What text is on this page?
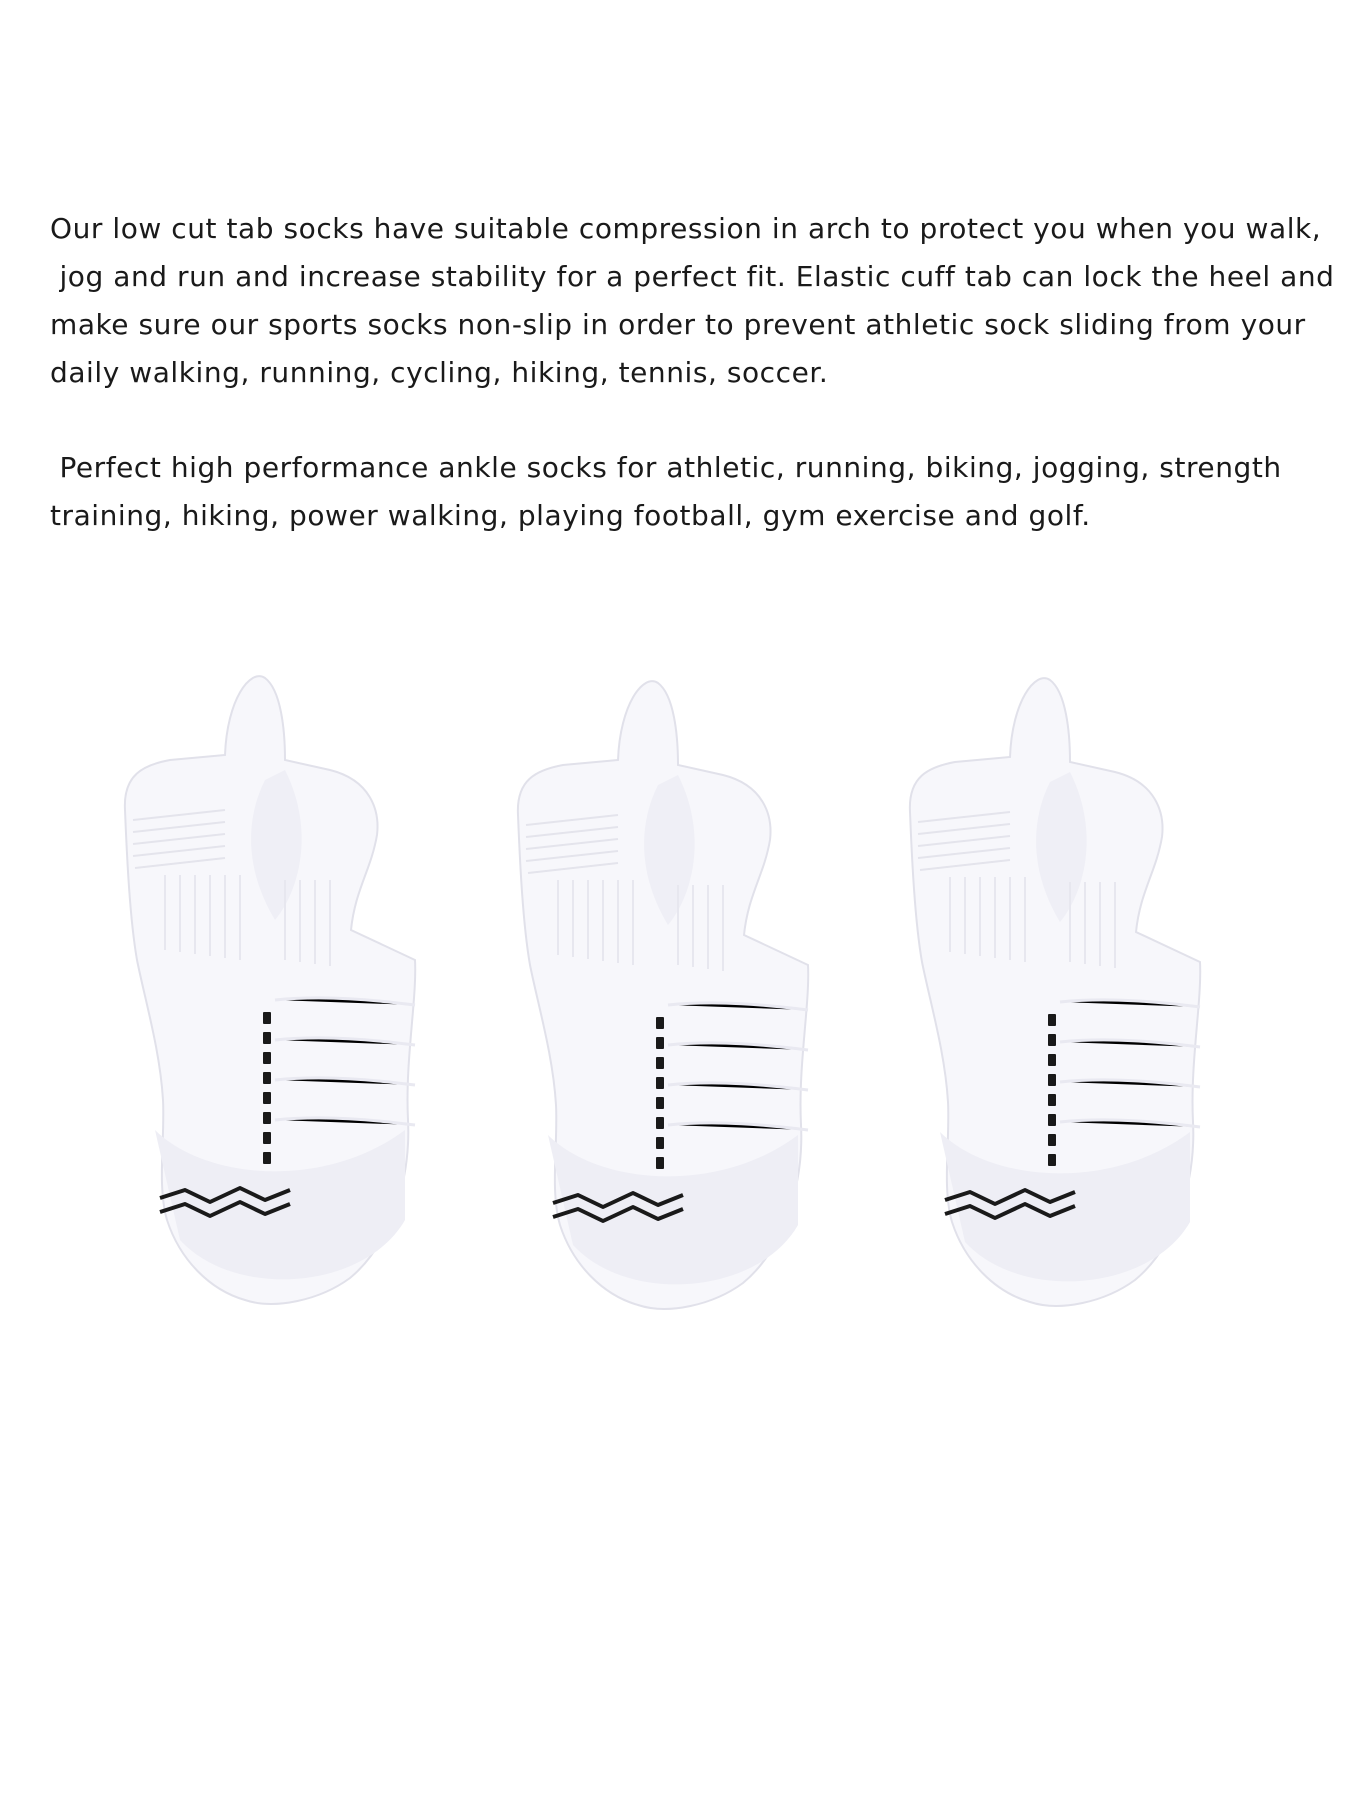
Our low cut tab socks have suitable compression in arch to protect you when you walk,
jog and run and increase stability for a perfect fit. Elastic cuff tab can lock the heel and
make sure our sports socks non-slip in order to prevent athletic sock sliding from your
daily walking, running, cycling, hiking, tennis, soccer.
Perfect high performance ankle socks for athletic, running, biking, jogging, strength
training, hiking, power walking, playing football, gym exercise and golf.
